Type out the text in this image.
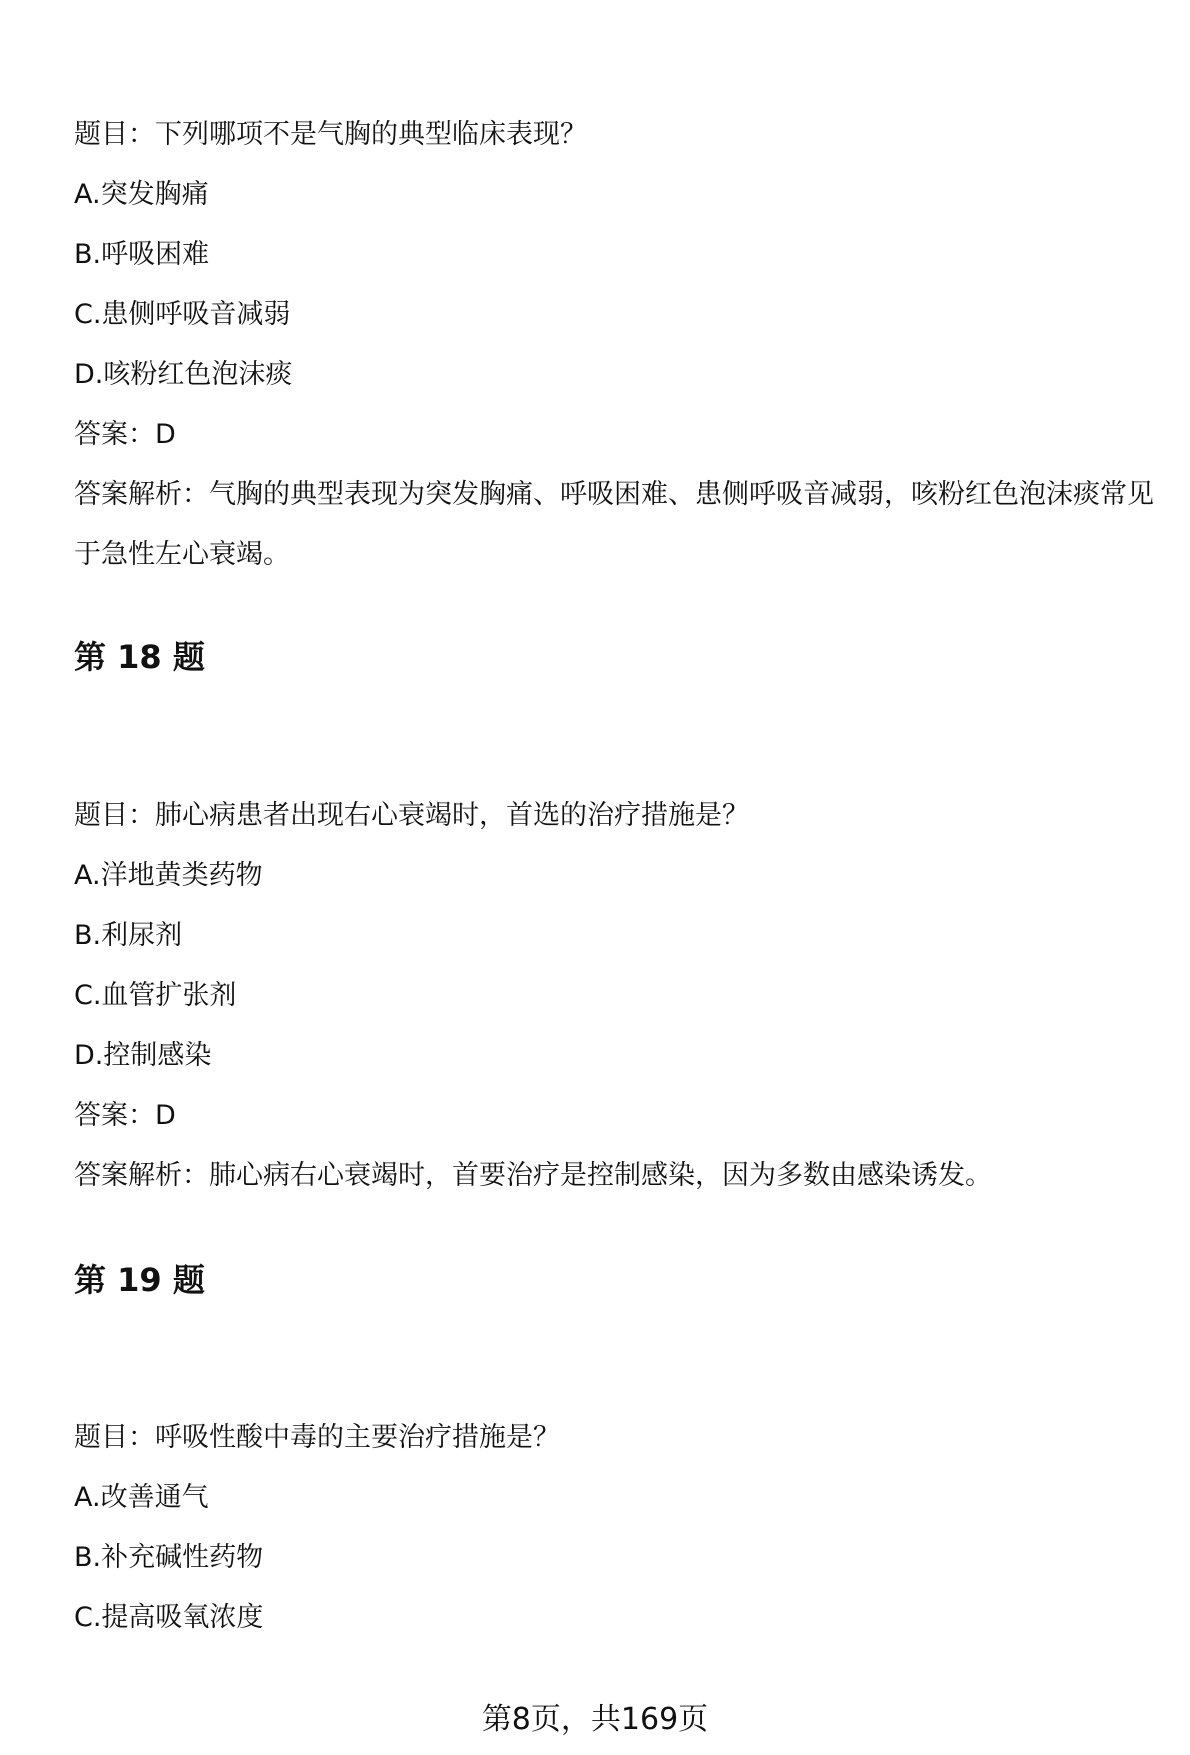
题目：下列哪项不是气胸的典型临床表现？
A.突发胸痛
B.呼吸困难
C.患侧呼吸音减弱
D.咳粉红色泡沫痰
答案：D
答案解析：气胸的典型表现为突发胸痛、呼吸困难、患侧呼吸音减弱，咳粉红色泡沫痰常见于急性左心衰竭。
第 18 题
题目：肺心病患者出现右心衰竭时，首选的治疗措施是？
A.洋地黄类药物
B.利尿剂
C.血管扩张剂
D.控制感染
答案：D
答案解析：肺心病右心衰竭时，首要治疗是控制感染，因为多数由感染诱发。
第 19 题
题目：呼吸性酸中毒的主要治疗措施是？
A.改善通气
B.补充碱性药物
C.提高吸氧浓度
第8页，共169页
